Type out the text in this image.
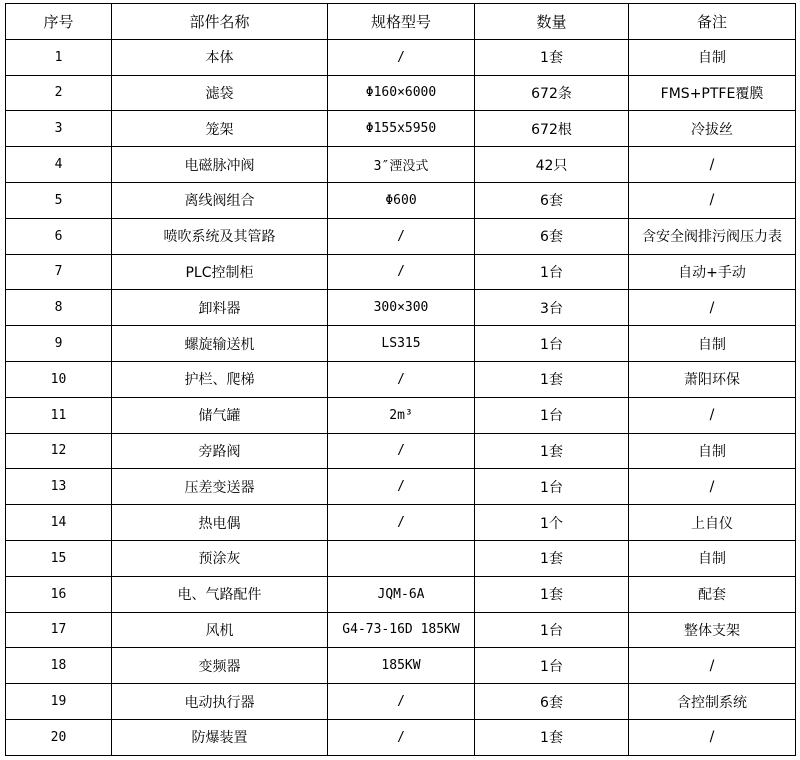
序号	部件名称	规格型号	数量	备注
1	本体	/	1套	自制
2	滤袋	Φ160×6000	672条	FMS+PTFE覆膜
3	笼架	Φ155x5950	672根	冷拔丝
4	电磁脉冲阀	3″湮没式	42只	/
5	离线阀组合	Φ600	6套	/
6	喷吹系统及其管路	/	6套	含安全阀排污阀压力表
7	PLC控制柜	/	1台	自动+手动
8	卸料器	300×300	3台	/
9	螺旋输送机	LS315	1台	自制
10	护栏、爬梯	/	1套	萧阳环保
11	储气罐	2m³	1台	/
12	旁路阀	/	1套	自制
13	压差变送器	/	1台	/
14	热电偶	/	1个	上自仪
15	预涂灰		1套	自制
16	电、气路配件	JQM-6A	1套	配套
17	风机	G4-73-16D 185KW	1台	整体支架
18	变频器	185KW	1台	/
19	电动执行器	/	6套	含控制系统
20	防爆装置	/	1套	/
